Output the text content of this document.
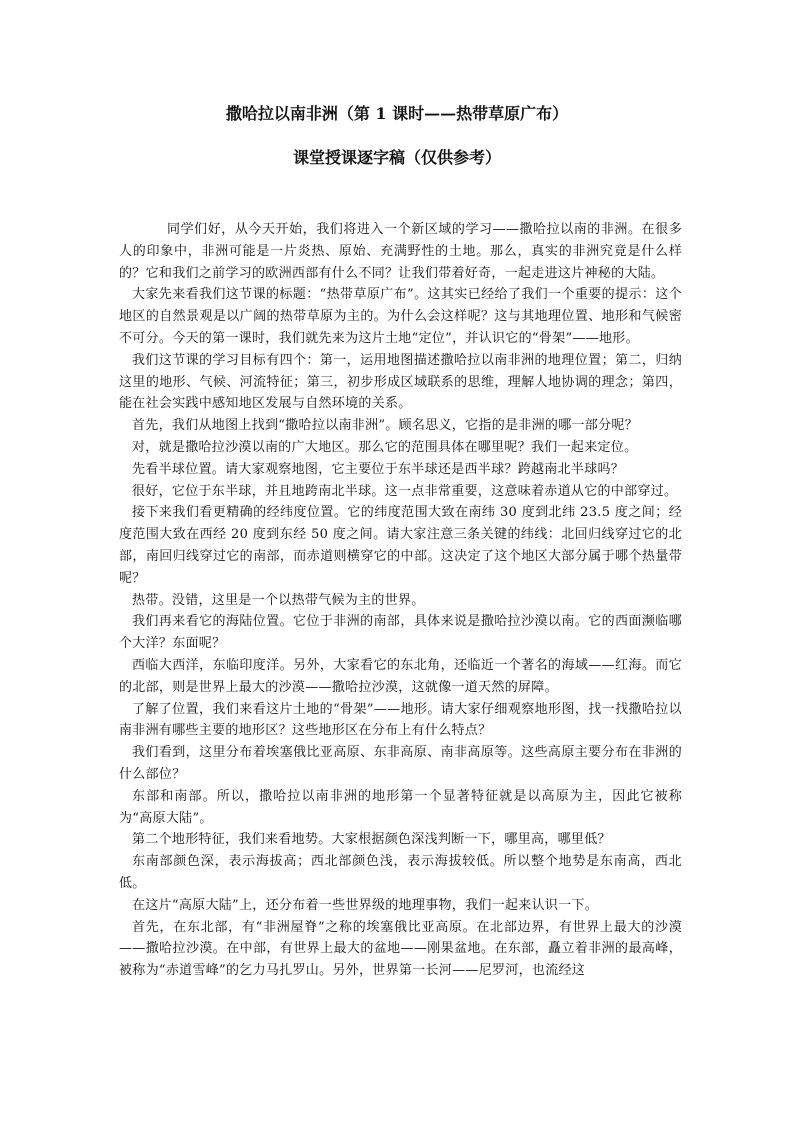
撒哈拉以南非洲（第 1 课时——热带草原广布）
课堂授课逐字稿（仅供参考）

同学们好，从今天开始，我们将进入一个新区域的学习——撒哈拉以南的非洲。在很多人的印象中，非洲可能是一片炎热、原始、充满野性的土地。那么，真实的非洲究竟是什么样的？它和我们之前学习的欧洲西部有什么不同？让我们带着好奇，一起走进这片神秘的大陆。

大家先来看我们这节课的标题：“热带草原广布”。这其实已经给了我们一个重要的提示：这个地区的自然景观是以广阔的热带草原为主的。为什么会这样呢？这与其地理位置、地形和气候密不可分。今天的第一课时，我们就先来为这片土地“定位”，并认识它的“骨架”——地形。

我们这节课的学习目标有四个：第一，运用地图描述撒哈拉以南非洲的地理位置；第二，归纳这里的地形、气候、河流特征；第三，初步形成区域联系的思维，理解人地协调的理念；第四，能在社会实践中感知地区发展与自然环境的关系。

首先，我们从地图上找到“撒哈拉以南非洲”。顾名思义，它指的是非洲的哪一部分呢？

对，就是撒哈拉沙漠以南的广大地区。那么它的范围具体在哪里呢？我们一起来定位。

先看半球位置。请大家观察地图，它主要位于东半球还是西半球？跨越南北半球吗？

很好，它位于东半球，并且地跨南北半球。这一点非常重要，这意味着赤道从它的中部穿过。

接下来我们看更精确的经纬度位置。它的纬度范围大致在南纬 30 度到北纬 23.5 度之间；经度范围大致在西经 20 度到东经 50 度之间。请大家注意三条关键的纬线：北回归线穿过它的北部，南回归线穿过它的南部，而赤道则横穿它的中部。这决定了这个地区大部分属于哪个热量带呢？

热带。没错，这里是一个以热带气候为主的世界。

我们再来看它的海陆位置。它位于非洲的南部，具体来说是撒哈拉沙漠以南。它的西面濒临哪个大洋？东面呢？

西临大西洋，东临印度洋。另外，大家看它的东北角，还临近一个著名的海域——红海。而它的北部，则是世界上最大的沙漠——撒哈拉沙漠，这就像一道天然的屏障。

了解了位置，我们来看这片土地的“骨架”——地形。请大家仔细观察地形图，找一找撒哈拉以南非洲有哪些主要的地形区？这些地形区在分布上有什么特点？

我们看到，这里分布着埃塞俄比亚高原、东非高原、南非高原等。这些高原主要分布在非洲的什么部位？

东部和南部。所以，撒哈拉以南非洲的地形第一个显著特征就是以高原为主，因此它被称为“高原大陆”。

第二个地形特征，我们来看地势。大家根据颜色深浅判断一下，哪里高，哪里低？

东南部颜色深，表示海拔高；西北部颜色浅，表示海拔较低。所以整个地势是东南高，西北低。

在这片“高原大陆”上，还分布着一些世界级的地理事物，我们一起来认识一下。

首先，在东北部，有“非洲屋脊”之称的埃塞俄比亚高原。在北部边界，有世界上最大的沙漠——撒哈拉沙漠。在中部，有世界上最大的盆地——刚果盆地。在东部，矗立着非洲的最高峰，被称为“赤道雪峰”的乞力马扎罗山。另外，世界第一长河——尼罗河，也流经这
